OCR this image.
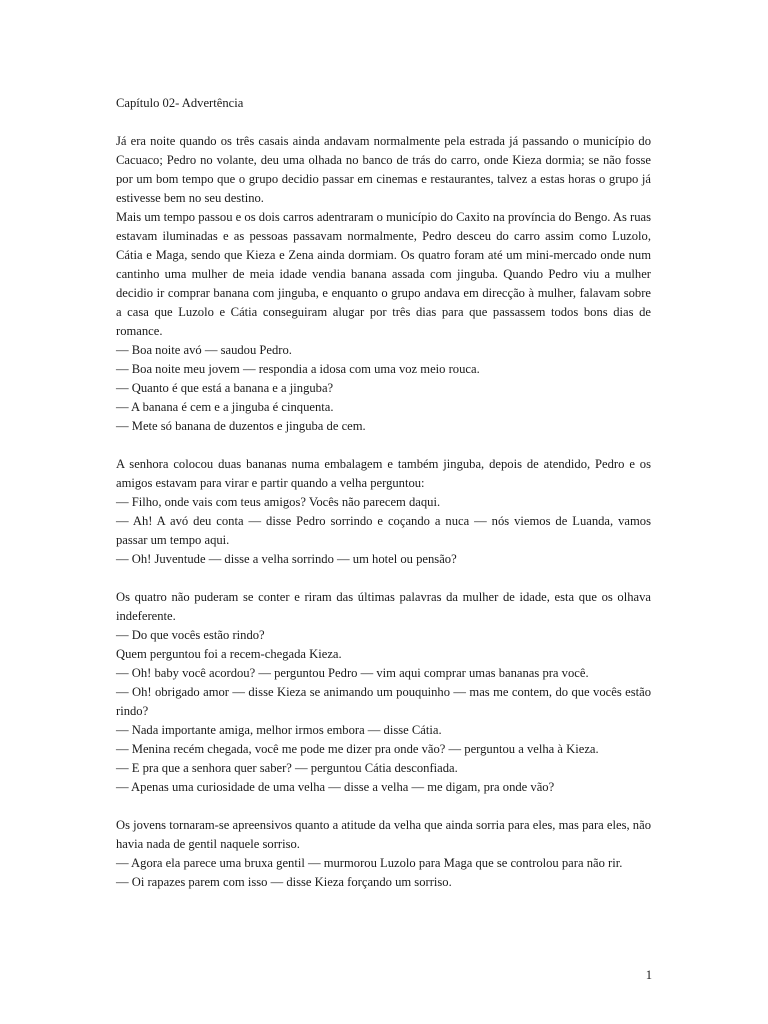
Capítulo 02- Advertência

Já era noite quando os três casais ainda andavam normalmente pela estrada já passando o município do Cacuaco; Pedro no volante, deu uma olhada no banco de trás do carro, onde Kieza dormia; se não fosse por um bom tempo que o grupo decidio passar em cinemas e restaurantes, talvez a estas horas o grupo já estivesse bem no seu destino.

Mais um tempo passou e os dois carros adentraram o município do Caxito na província do Bengo. As ruas estavam iluminadas e as pessoas passavam normalmente, Pedro desceu do carro assim como Luzolo, Cátia e Maga, sendo que Kieza e Zena ainda dormiam. Os quatro foram até um mini-mercado onde num cantinho uma mulher de meia idade vendia banana assada com jinguba. Quando Pedro viu a mulher decidio ir comprar banana com jinguba, e enquanto o grupo andava em direcção à mulher, falavam sobre a casa que Luzolo e Cátia conseguiram alugar por três dias para que passassem todos bons dias de romance.

— Boa noite avó — saudou Pedro.

— Boa noite meu jovem — respondia a idosa com uma voz meio rouca.

— Quanto é que está a banana e a jinguba?

— A banana é cem e a jinguba é cinquenta.

— Mete só banana de duzentos e jinguba de cem.

A senhora colocou duas bananas numa embalagem e também jinguba, depois de atendido, Pedro e os amigos estavam para virar e partir quando a velha perguntou:

— Filho, onde vais com teus amigos? Vocês não parecem daqui.

— Ah! A avó deu conta — disse Pedro sorrindo e coçando a nuca — nós viemos de Luanda, vamos passar um tempo aqui.

— Oh! Juventude — disse a velha sorrindo — um hotel ou pensão?

Os quatro não puderam se conter e riram das últimas palavras da mulher de idade, esta que os olhava indeferente.

— Do que vocês estão rindo?

Quem perguntou foi a recem-chegada Kieza.

— Oh! baby você acordou? — perguntou Pedro — vim aqui comprar umas bananas pra você.

— Oh! obrigado amor — disse Kieza se animando um pouquinho — mas me contem, do que vocês estão rindo?

— Nada importante amiga, melhor irmos embora — disse Cátia.

— Menina recém chegada, você me pode me dizer pra onde vão? — perguntou a velha à Kieza.

— E pra que a senhora quer saber? — perguntou Cátia desconfiada.

— Apenas uma curiosidade de uma velha — disse a velha — me digam, pra onde vão?

Os jovens tornaram-se apreensivos quanto a atitude da velha que ainda sorria para eles, mas para eles, não havia nada de gentil naquele sorriso.

— Agora ela parece uma bruxa gentil — murmorou Luzolo para Maga que se controlou para não rir.

— Oi rapazes parem com isso — disse Kieza forçando um sorriso.

1
